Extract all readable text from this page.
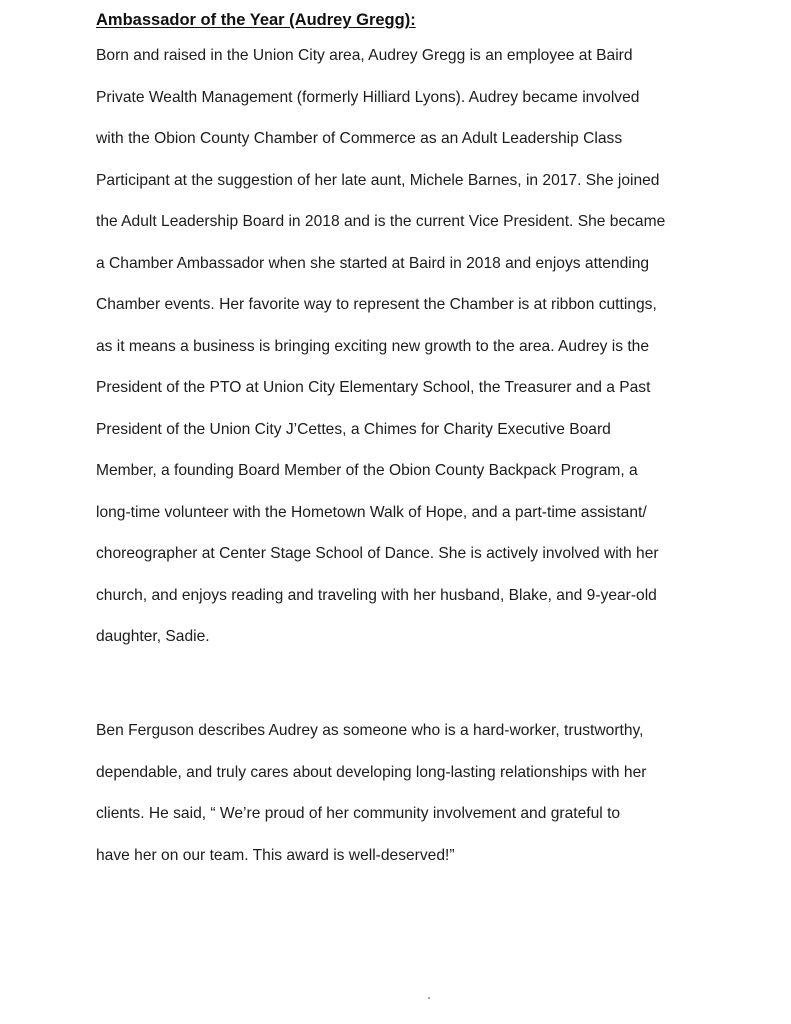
Ambassador of the Year (Audrey Gregg):

Born and raised in the Union City area, Audrey Gregg is an employee at Baird
Private Wealth Management (formerly Hilliard Lyons). Audrey became involved
with the Obion County Chamber of Commerce as an Adult Leadership Class
Participant at the suggestion of her late aunt, Michele Barnes, in 2017. She joined
the Adult Leadership Board in 2018 and is the current Vice President. She became
a Chamber Ambassador when she started at Baird in 2018 and enjoys attending
Chamber events. Her favorite way to represent the Chamber is at ribbon cuttings,
as it means a business is bringing exciting new growth to the area. Audrey is the
President of the PTO at Union City Elementary School, the Treasurer and a Past
President of the Union City J’Cettes, a Chimes for Charity Executive Board
Member, a founding Board Member of the Obion County Backpack Program, a
long-time volunteer with the Hometown Walk of Hope, and a part-time assistant/
choreographer at Center Stage School of Dance. She is actively involved with her
church, and enjoys reading and traveling with her husband, Blake, and 9-year-old
daughter, Sadie.

Ben Ferguson describes Audrey as someone who is a hard-worker, trustworthy,
dependable, and truly cares about developing long-lasting relationships with her
clients. He said, “ We’re proud of her community involvement and grateful to
have her on our team. This award is well-deserved!”
